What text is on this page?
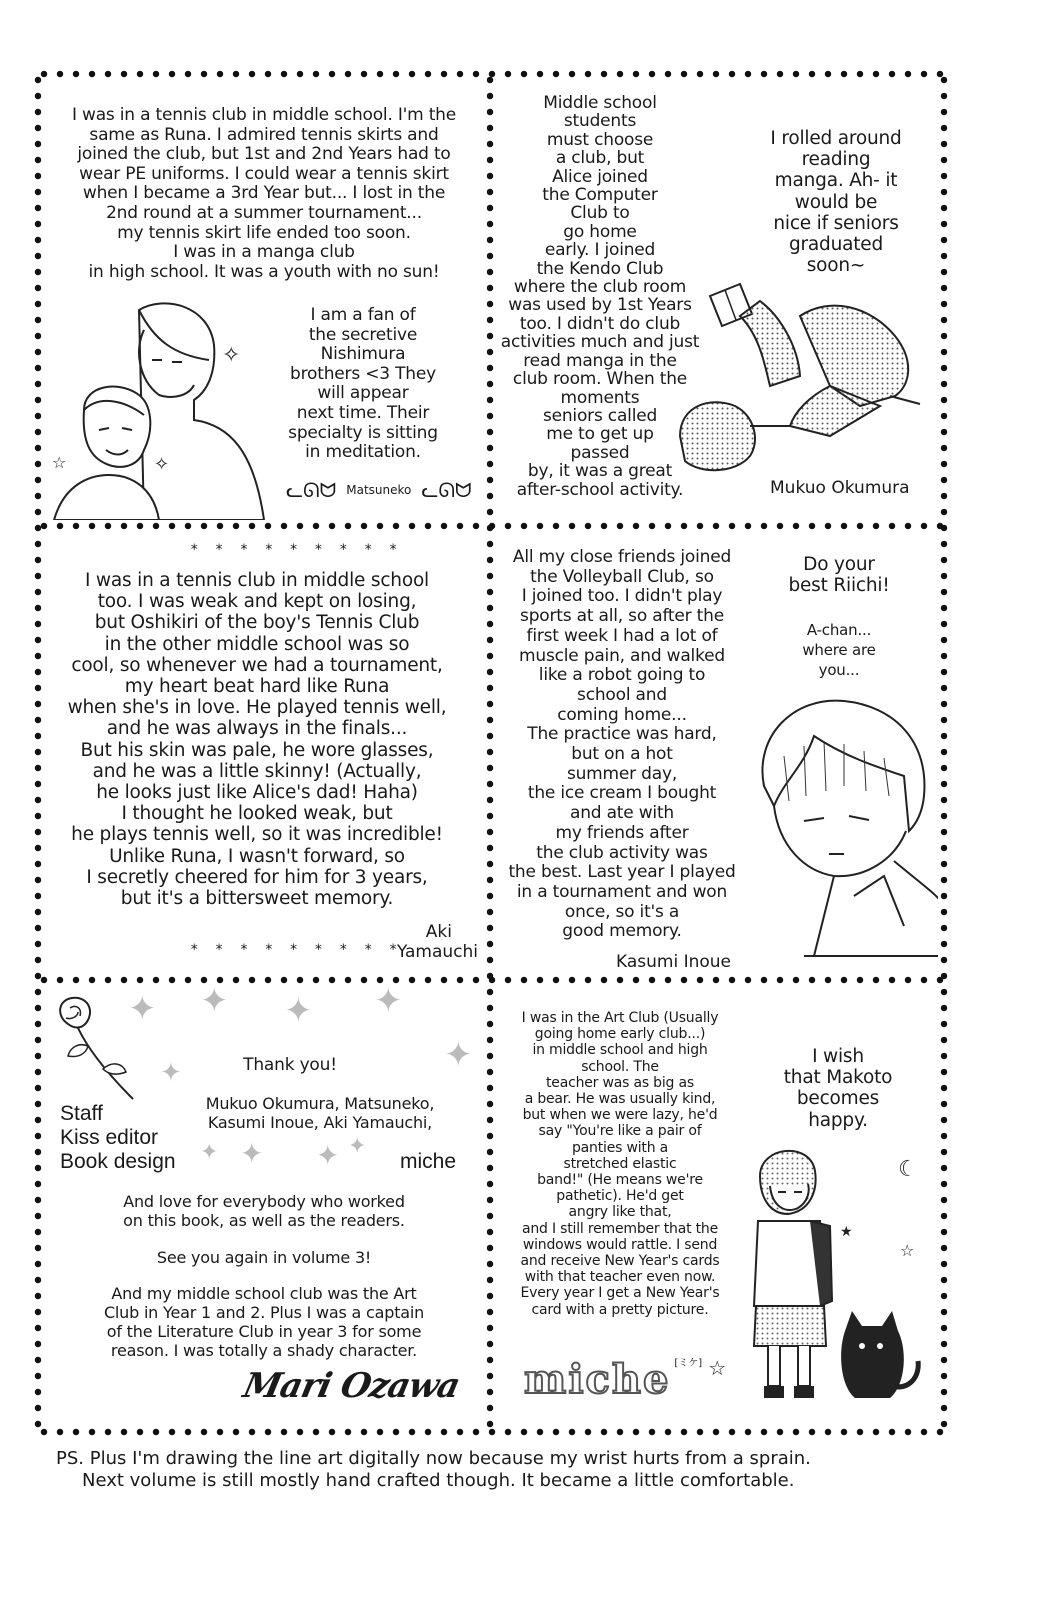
I was in a tennis club in middle school. I'm the
same as Runa. I admired tennis skirts and
joined the club, but 1st and 2nd Years had to
wear PE uniforms. I could wear a tennis skirt
when I became a 3rd Year but... I lost in the
2nd round at a summer tournament...
my tennis skirt life ended too soon.
I was in a manga club
in high school. It was a youth with no sun!
I am a fan of
the secretive
Nishimura
brothers <3 They
will appear
next time. Their
specialty is sitting
in meditation.
✧
☆	✧
ᓚᘏᗢ Matsuneko ᓚᘏᗢ
Middle school
students
must choose
a club, but
Alice joined
the Computer
Club to
go home
early. I joined
the Kendo Club
where the club room
was used by 1st Years
too. I didn't do club
activities much and just
read manga in the
club room. When the
moments
seniors called
me to get up
passed
by, it was a great
after-school activity.
I rolled around
reading
manga. Ah- it
would be
nice if seniors
graduated
soon~
Mukuo Okumura
* * * * * * * * *
I was in a tennis club in middle school
too. I was weak and kept on losing,
but Oshikiri of the boy's Tennis Club
in the other middle school was so
cool, so whenever we had a tournament,
my heart beat hard like Runa
when she's in love. He played tennis well,
and he was always in the finals...
But his skin was pale, he wore glasses,
and he was a little skinny! (Actually,
he looks just like Alice's dad! Haha)
I thought he looked weak, but
he plays tennis well, so it was incredible!
Unlike Runa, I wasn't forward, so
I secretly cheered for him for 3 years,
but it's a bittersweet memory.
* * * * * * * * *
Aki
Yamauchi
All my close friends joined
the Volleyball Club, so
I joined too. I didn't play
sports at all, so after the
first week I had a lot of
muscle pain, and walked
like a robot going to
school and
coming home...
The practice was hard,
but on a hot
summer day,
the ice cream I bought
and ate with
my friends after
the club activity was
the best. Last year I played
in a tournament and won
once, so it's a
good memory.
Do your
best Riichi!
A-chan...
where are
you...
Kasumi Inoue
✦ ✦ ✦ ✦
✦
✦
✦ ✦ ✦ ✦
Thank you!
Mukuo Okumura, Matsuneko,
Kasumi Inoue, Aki Yamauchi,
Staff
Kiss editor
Book design	miche
And love for everybody who worked
on this book, as well as the readers.
See you again in volume 3!
And my middle school club was the Art
Club in Year 1 and 2. Plus I was a captain
of the Literature Club in year 3 for some
reason. I was totally a shady character.
Mari Ozawa
I was in the Art Club (Usually
going home early club...)
in middle school and high
school. The
teacher was as big as
a bear. He was usually kind,
but when we were lazy, he'd
say "You're like a pair of
panties with a
stretched elastic
band!" (He means we're
pathetic). He'd get
angry like that,
and I still remember that the
windows would rattle. I send
and receive New Year's cards
with that teacher even now.
Every year I get a New Year's
card with a pretty picture.
I wish
that Makoto
becomes
happy.
☾
☆
★
miche [ミケ] ☆
PS. Plus I'm drawing the line art digitally now because my wrist hurts from a sprain.
Next volume is still mostly hand crafted though. It became a little comfortable.
